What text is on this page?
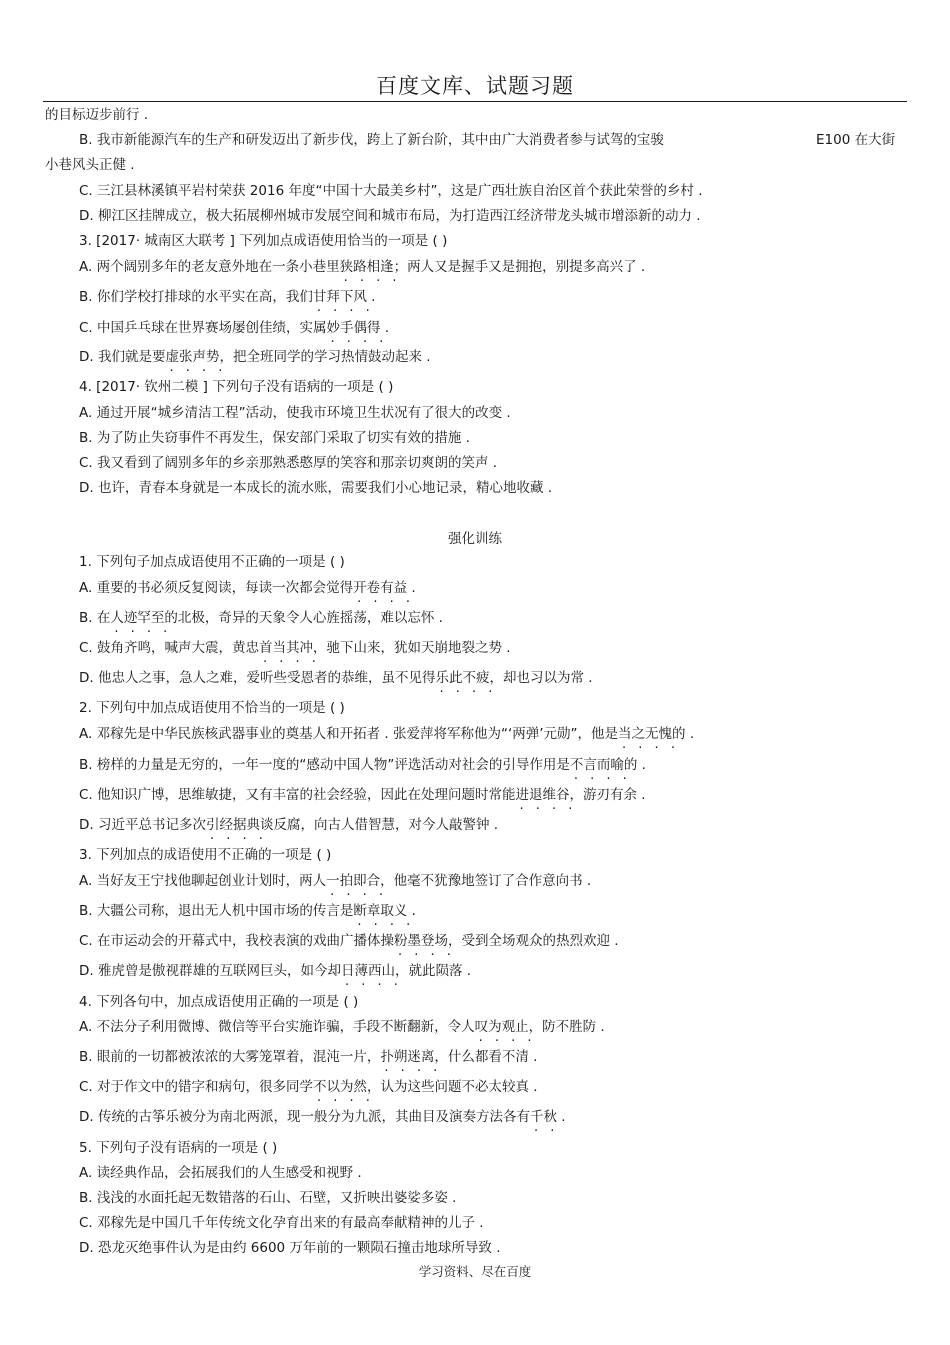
百度文库、试题习题
的目标迈步前行 .
B. 我市新能源汽车的生产和研发迈出了新步伐，跨上了新台阶，其中由广大消费者参与试驾的宝骏	E100 在大街
小巷风头正健 .
C. 三江县林溪镇平岩村荣获 2016 年度“中国十大最美乡村”，这是广西壮族自治区首个获此荣誉的乡村 .
D. 柳江区挂牌成立，极大拓展柳州城市发展空间和城市布局，为打造西江经济带龙头城市增添新的动力 .
3. [2017· 城南区大联考 ] 下列加点成语使用恰当的一项是 ( )
A. 两个阔别多年的老友意外地在一条小巷里狭路相逢 · · · ·；两人又是握手又是拥抱，别提多高兴了 .
B. 你们学校打排球的水平实在高，我们甘拜下风 · · · · .
C. 中国乒乓球在世界赛场屡创佳绩，实属妙手偶得 · · · · .
D. 我们就是要虚张声势 · · · ·，把全班同学的学习热情鼓动起来 .
4. [2017· 钦州二模 ] 下列句子没有语病的一项是 ( )
A. 通过开展“城乡清洁工程”活动，使我市环境卫生状况有了很大的改变 .
B. 为了防止失窃事件不再发生，保安部门采取了切实有效的措施 .
C. 我又看到了阔别多年的乡亲那熟悉憨厚的笑容和那亲切爽朗的笑声 .
D. 也许，青春本身就是一本成长的流水账，需要我们小心地记录，精心地收藏 .
强化训练
1. 下列句子加点成语使用不正确的一项是 ( )
A. 重要的书必须反复阅读，每读一次都会觉得开卷有益 · · · · .
B. 在人迹罕至 · · · ·的北极，奇异的天象令人心旌摇荡，难以忘怀 .
C. 鼓角齐鸣，喊声大震，黄忠首当其冲 · · · ·，驰下山来，犹如天崩地裂之势 .
D. 他忠人之事，急人之难，爱听些受恩者的恭维，虽不见得乐此不疲 · · · ·，却也习以为常 .
2. 下列句中加点成语使用不恰当的一项是 ( )
A. 邓稼先是中华民族核武器事业的奠基人和开拓者 . 张爱萍将军称他为“‘两弹’元勋”，他是当之无愧 · · · ·的 .
B. 榜样的力量是无穷的，一年一度的“感动中国人物”评选活动对社会的引导作用是不言而喻 · · · ·的 .
C. 他知识广博，思维敏捷，又有丰富的社会经验，因此在处理问题时常能进退维谷 · · · ·，游刃有余 .
D. 习近平总书记多次引经据典 · · · ·谈反腐，向古人借智慧，对今人敲警钟 .
3. 下列加点的成语使用不正确的一项是 ( )
A. 当好友王宁找他聊起创业计划时，两人一拍即合 · · · ·，他毫不犹豫地签订了合作意向书 .
B. 大疆公司称，退出无人机中国市场的传言是断章取义 · · · · .
C. 在市运动会的开幕式中，我校表演的戏曲广播体操粉墨登场 · · · ·，受到全场观众的热烈欢迎 .
D. 雅虎曾是傲视群雄的互联网巨头，如今却日薄西山 · · · ·，就此陨落 .
4. 下列各句中，加点成语使用正确的一项是 ( )
A. 不法分子利用微博、微信等平台实施诈骗，手段不断翻新，令人叹为观止 · · · ·，防不胜防 .
B. 眼前的一切都被浓浓的大雾笼罩着，混沌一片，扑朔迷离 · · · ·，什么都看不清 .
C. 对于作文中的错字和病句，很多同学不以为然 · · · ·，认为这些问题不必太较真 .
D. 传统的古筝乐被分为南北两派，现一般分为九派，其曲目及演奏方法各有千秋 · · .
5. 下列句子没有语病的一项是 ( )
A. 读经典作品，会拓展我们的人生感受和视野 .
B. 浅浅的水面托起无数错落的石山、石壁，又折映出婆娑多姿 .
C. 邓稼先是中国几千年传统文化孕育出来的有最高奉献精神的儿子 .
D. 恐龙灭绝事件认为是由约 6600 万年前的一颗陨石撞击地球所导致 .
学习资料、尽在百度
